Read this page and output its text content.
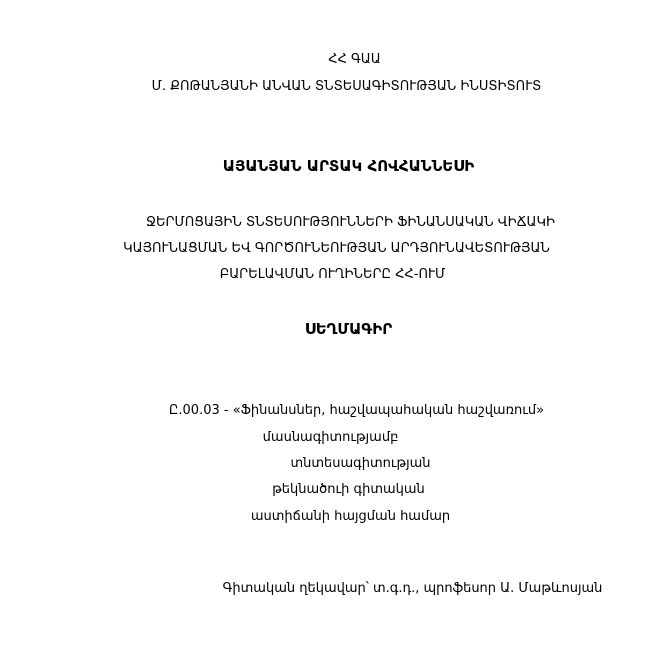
ՀՀ ԳԱԱ
Մ. ՔՈԹԱՆՅԱՆԻ ԱՆՎԱՆ ՏՆՏԵՍԱԳԻՏՈՒԹՅԱՆ ԻՆՍՏԻՏՈՒՏ
ԱՅԱՆՅԱՆ ԱՐՏԱԿ ՀՈՎՀԱՆՆԵՍԻ
ՋԵՐՄՈՑԱՅԻՆ ՏՆՏԵՍՈՒԹՅՈՒՆՆԵՐԻ ՖԻՆԱՆՍԱԿԱՆ ՎԻՃԱԿԻ
ԿԱՅՈՒՆԱՑՄԱՆ ԵՎ ԳՈՐԾՈՒՆԵՈՒԹՅԱՆ ԱՐԴՅՈՒՆԱՎԵՏՈՒԹՅԱՆ
ԲԱՐԵԼԱՎՄԱՆ ՈՒՂԻՆԵՐԸ ՀՀ-ՈՒՄ
ՍԵՂՄԱԳԻՐ
Ը.00.03 - «Ֆինանսներ, հաշվապահական հաշվառում»
մասնագիտությամբ
տնտեսագիտության
թեկնածուի գիտական
աստիճանի հայցման համար
Գիտական ղեկավար՝ տ.գ.դ., պրոֆեսոր Ա. Մաթևոսյան
